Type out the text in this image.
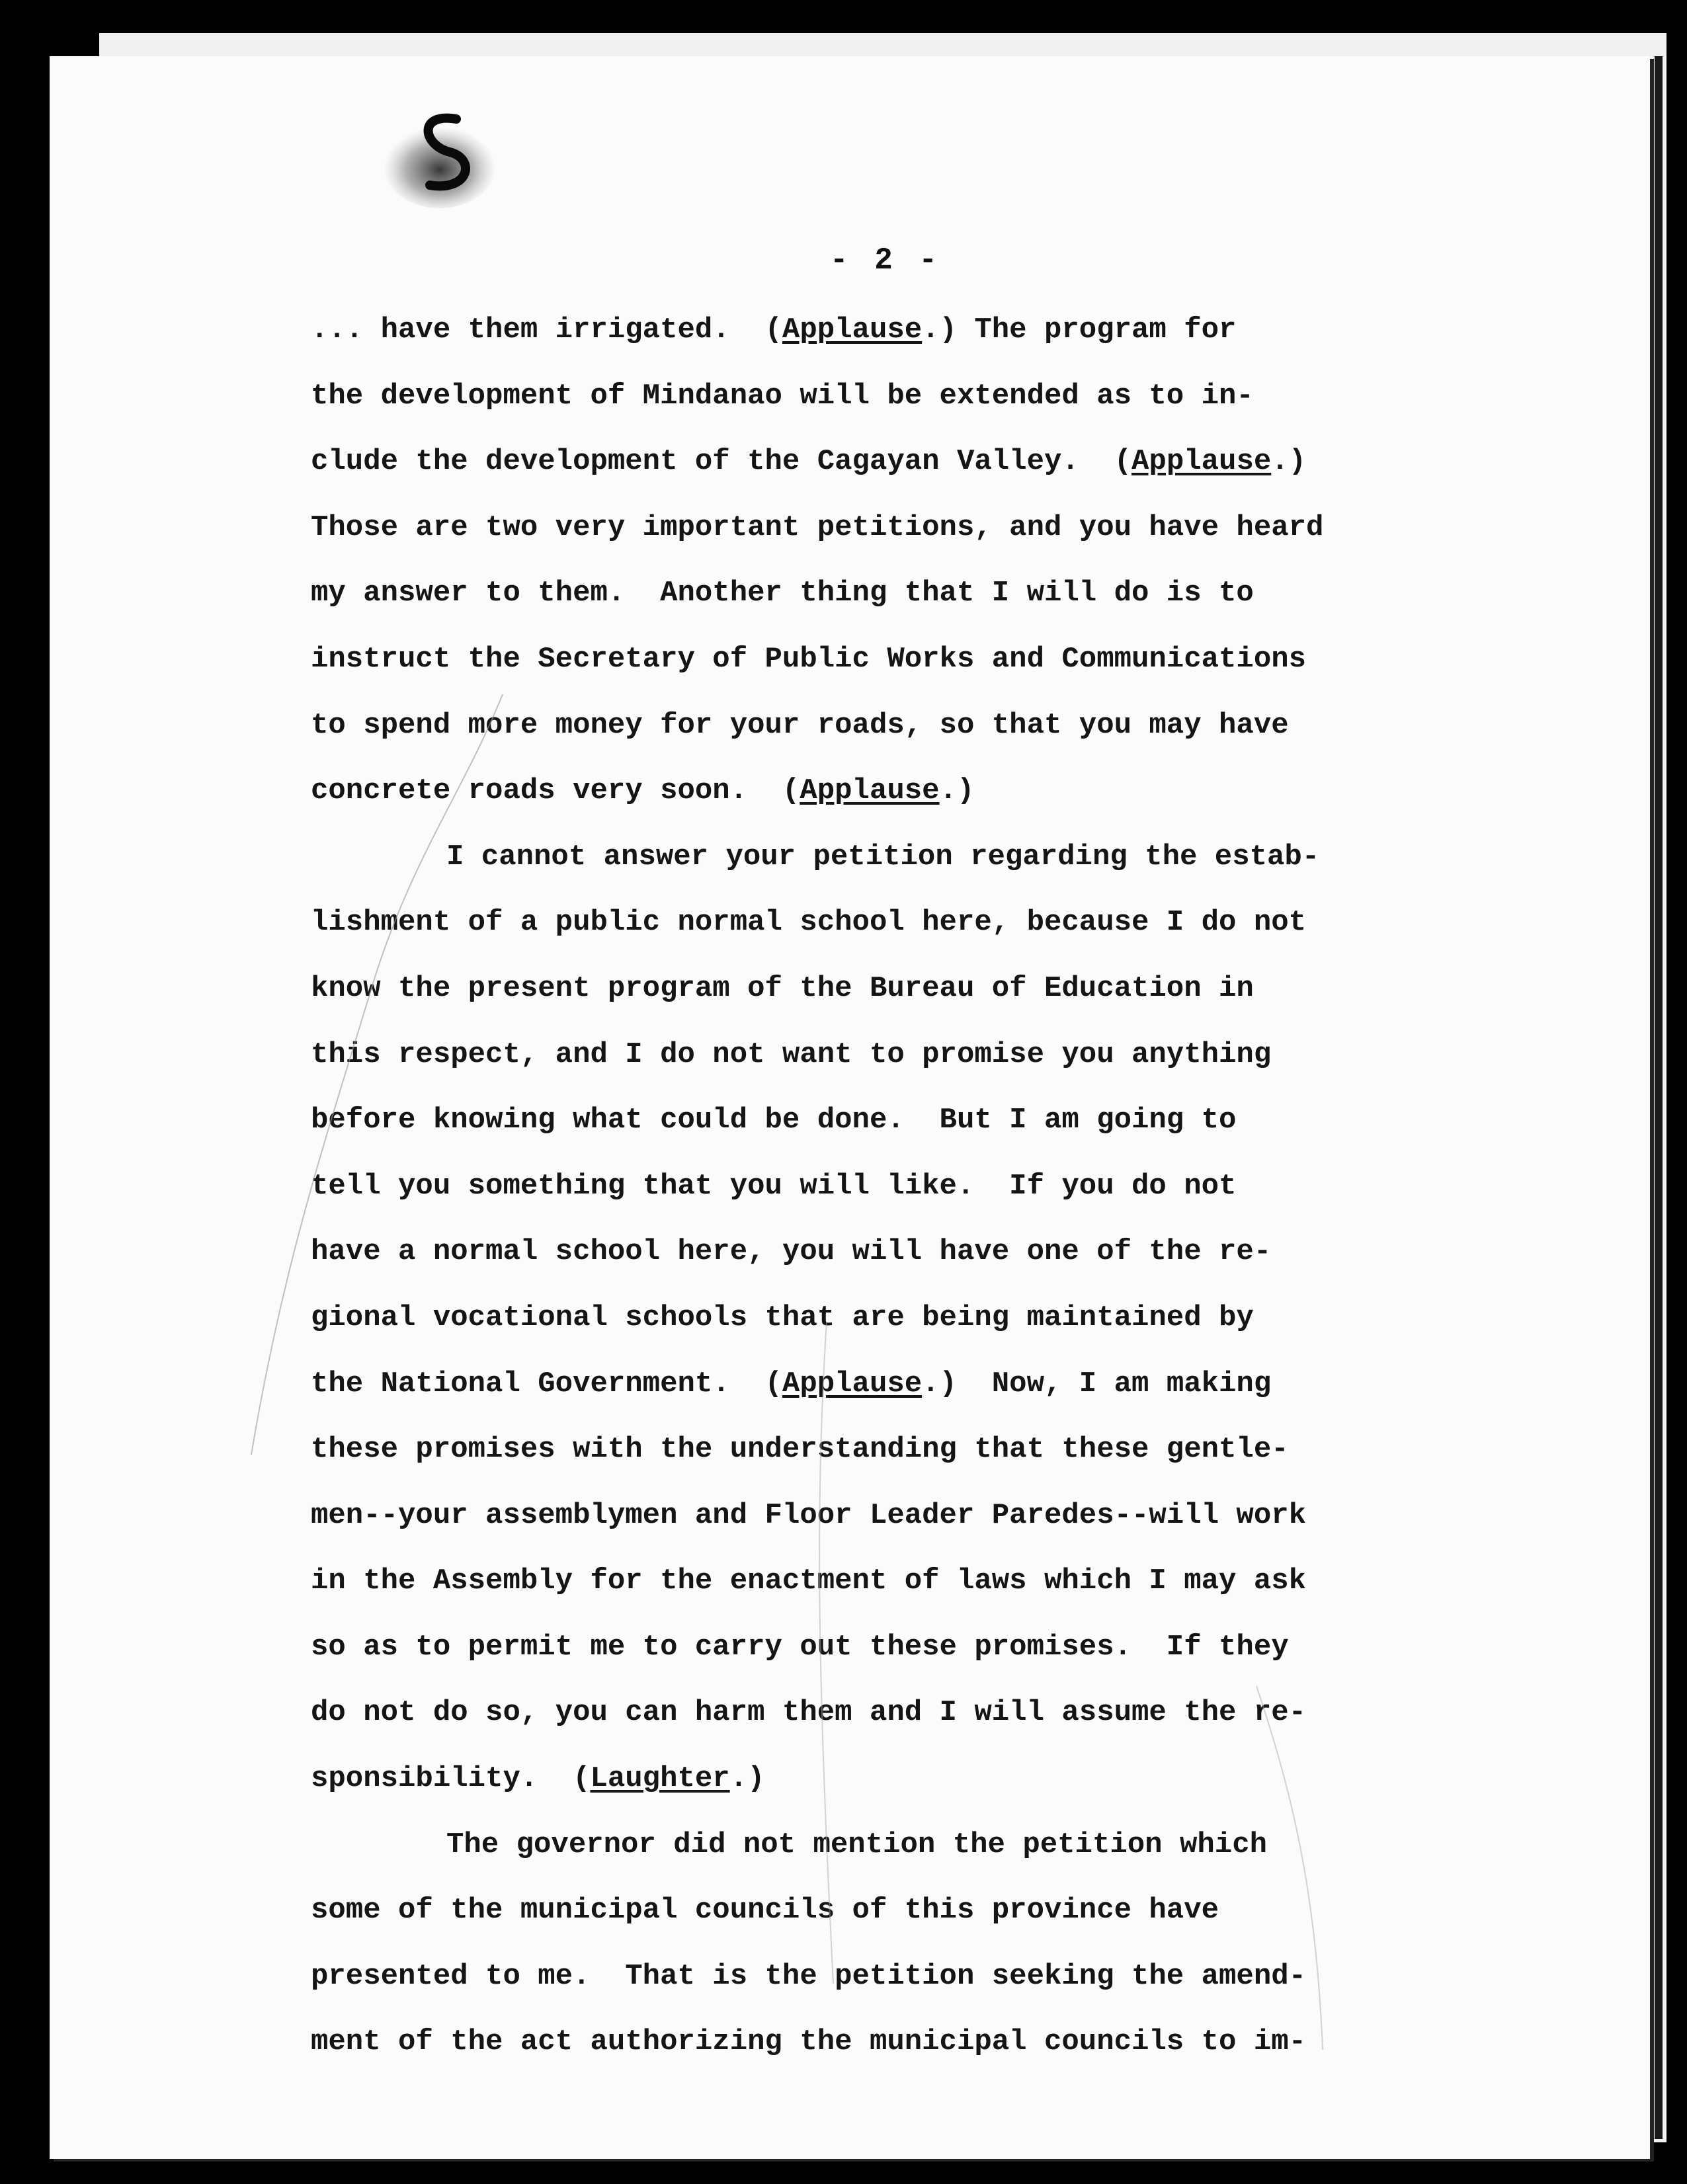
- 2 -
... have them irrigated.  (Applause.) The program for
the development of Mindanao will be extended as to in-
clude the development of the Cagayan Valley.  (Applause.)
Those are two very important petitions, and you have heard
my answer to them.  Another thing that I will do is to
instruct the Secretary of Public Works and Communications
to spend more money for your roads, so that you may have
concrete roads very soon.  (Applause.)
I cannot answer your petition regarding the estab-
lishment of a public normal school here, because I do not
know the present program of the Bureau of Education in
this respect, and I do not want to promise you anything
before knowing what could be done.  But I am going to
tell you something that you will like.  If you do not
have a normal school here, you will have one of the re-
gional vocational schools that are being maintained by
the National Government.  (Applause.)  Now, I am making
these promises with the understanding that these gentle-
men--your assemblymen and Floor Leader Paredes--will work
in the Assembly for the enactment of laws which I may ask
so as to permit me to carry out these promises.  If they
do not do so, you can harm them and I will assume the re-
sponsibility.  (Laughter.)
The governor did not mention the petition which
some of the municipal councils of this province have
presented to me.  That is the petition seeking the amend-
ment of the act authorizing the municipal councils to im-
